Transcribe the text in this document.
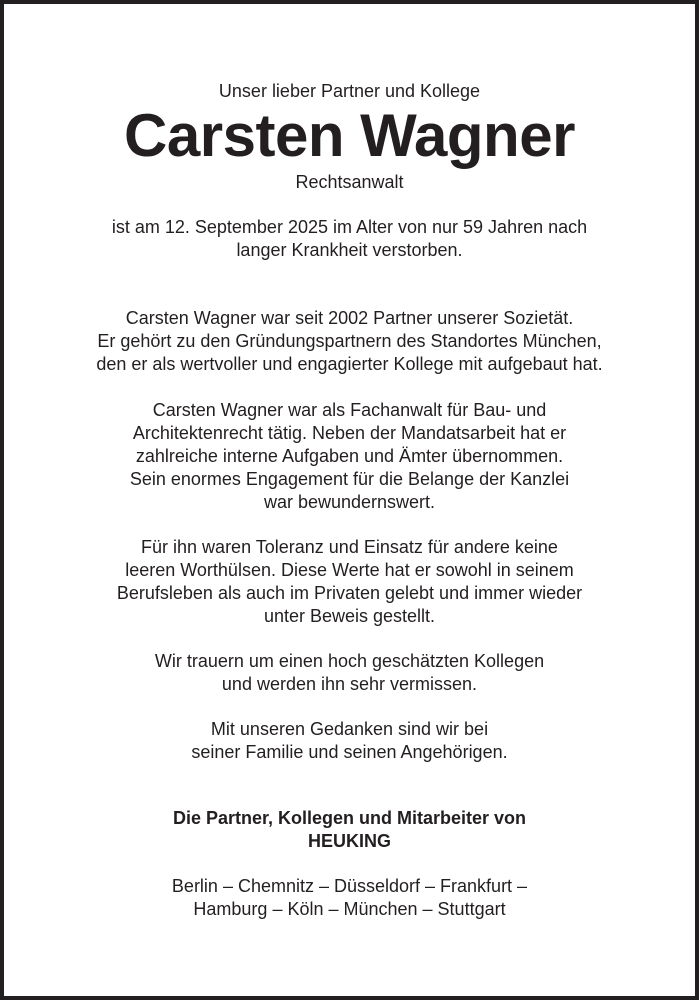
Unser lieber Partner und Kollege
Carsten Wagner
Rechtsanwalt
ist am 12. September 2025 im Alter von nur 59 Jahren nach
langer Krankheit verstorben.
Carsten Wagner war seit 2002 Partner unserer Sozietät.
Er gehört zu den Gründungspartnern des Standortes München,
den er als wertvoller und engagierter Kollege mit aufgebaut hat.
Carsten Wagner war als Fachanwalt für Bau- und
Architektenrecht tätig. Neben der Mandatsarbeit hat er
zahlreiche interne Aufgaben und Ämter übernommen.
Sein enormes Engagement für die Belange der Kanzlei
war bewundernswert.
Für ihn waren Toleranz und Einsatz für andere keine
leeren Worthülsen. Diese Werte hat er sowohl in seinem
Berufsleben als auch im Privaten gelebt und immer wieder
unter Beweis gestellt.
Wir trauern um einen hoch geschätzten Kollegen
und werden ihn sehr vermissen.
Mit unseren Gedanken sind wir bei
seiner Familie und seinen Angehörigen.
Die Partner, Kollegen und Mitarbeiter von
HEUKING
Berlin – Chemnitz – Düsseldorf – Frankfurt –
Hamburg – Köln – München – Stuttgart
